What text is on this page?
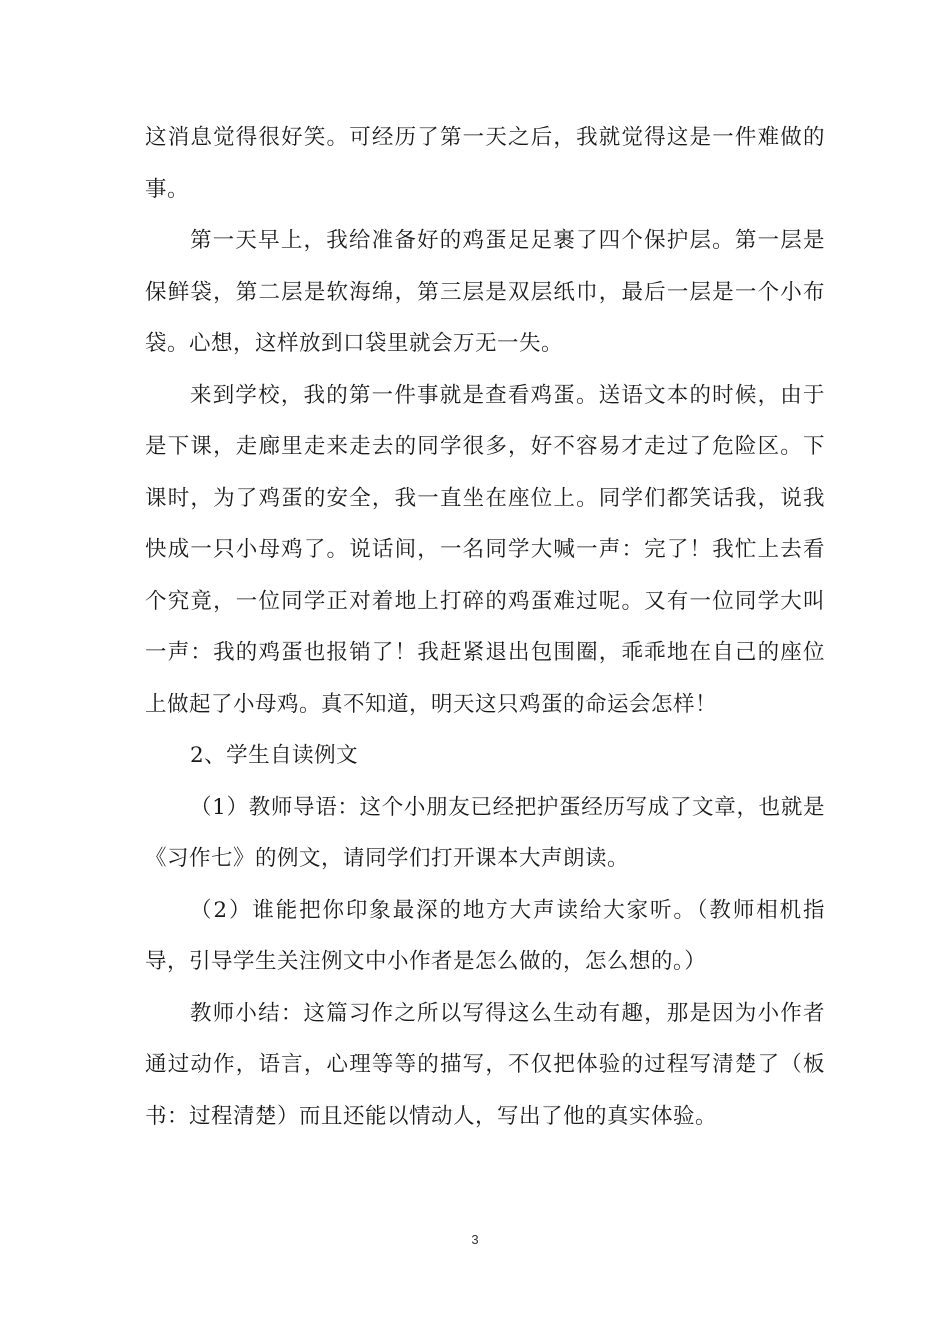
这消息觉得很好笑。可经历了第一天之后，我就觉得这是一件难做的事。

第一天早上，我给准备好的鸡蛋足足裹了四个保护层。第一层是保鲜袋，第二层是软海绵，第三层是双层纸巾，最后一层是一个小布袋。心想，这样放到口袋里就会万无一失。

来到学校，我的第一件事就是查看鸡蛋。送语文本的时候，由于是下课，走廊里走来走去的同学很多，好不容易才走过了危险区。下课时，为了鸡蛋的安全，我一直坐在座位上。同学们都笑话我，说我快成一只小母鸡了。说话间，一名同学大喊一声：完了！我忙上去看个究竟，一位同学正对着地上打碎的鸡蛋难过呢。又有一位同学大叫一声：我的鸡蛋也报销了！我赶紧退出包围圈，乖乖地在自己的座位上做起了小母鸡。真不知道，明天这只鸡蛋的命运会怎样！

2、学生自读例文

（1）教师导语：这个小朋友已经把护蛋经历写成了文章，也就是《习作七》的例文，请同学们打开课本大声朗读。

（2）谁能把你印象最深的地方大声读给大家听。（教师相机指导，引导学生关注例文中小作者是怎么做的，怎么想的。）

教师小结：这篇习作之所以写得这么生动有趣，那是因为小作者通过动作，语言，心理等等的描写，不仅把体验的过程写清楚了（板书：过程清楚）而且还能以情动人，写出了他的真实体验。

3
